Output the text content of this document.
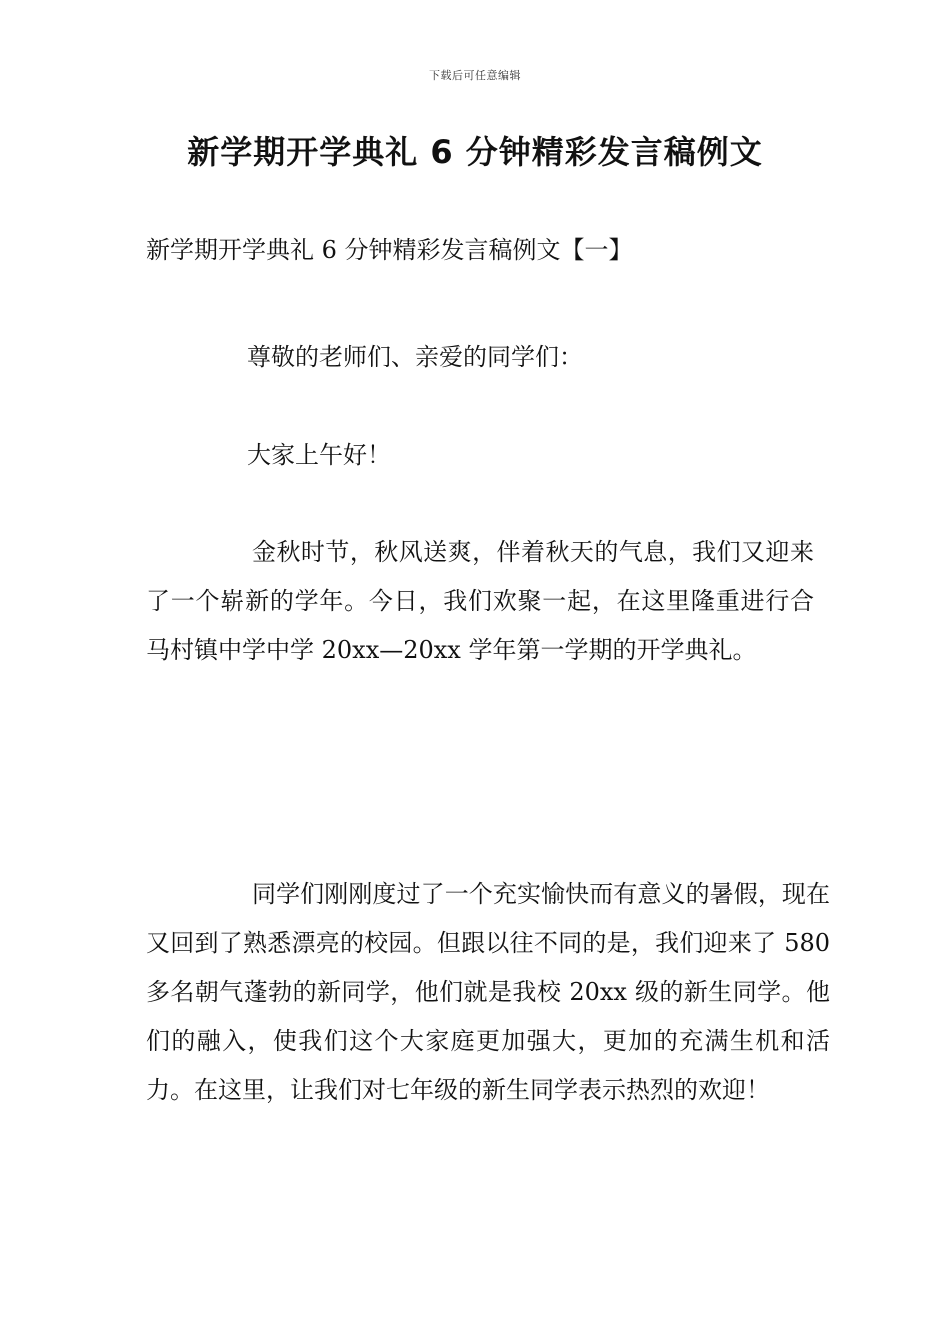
下载后可任意编辑
新学期开学典礼 6 分钟精彩发言稿例文
新学期开学典礼 6 分钟精彩发言稿例文【一】

尊敬的老师们、亲爱的同学们：

大家上午好！

金秋时节，秋风送爽，伴着秋天的气息，我们又迎来了一个崭新的学年。今日，我们欢聚一起，在这里隆重进行合马村镇中学中学 20xx—20xx 学年第一学期的开学典礼。

同学们刚刚度过了一个充实愉快而有意义的暑假，现在又回到了熟悉漂亮的校园。但跟以往不同的是，我们迎来了 580 多名朝气蓬勃的新同学，他们就是我校 20xx 级的新生同学。他们的融入，使我们这个大家庭更加强大，更加的充满生机和活力。在这里，让我们对七年级的新生同学表示热烈的欢迎！
